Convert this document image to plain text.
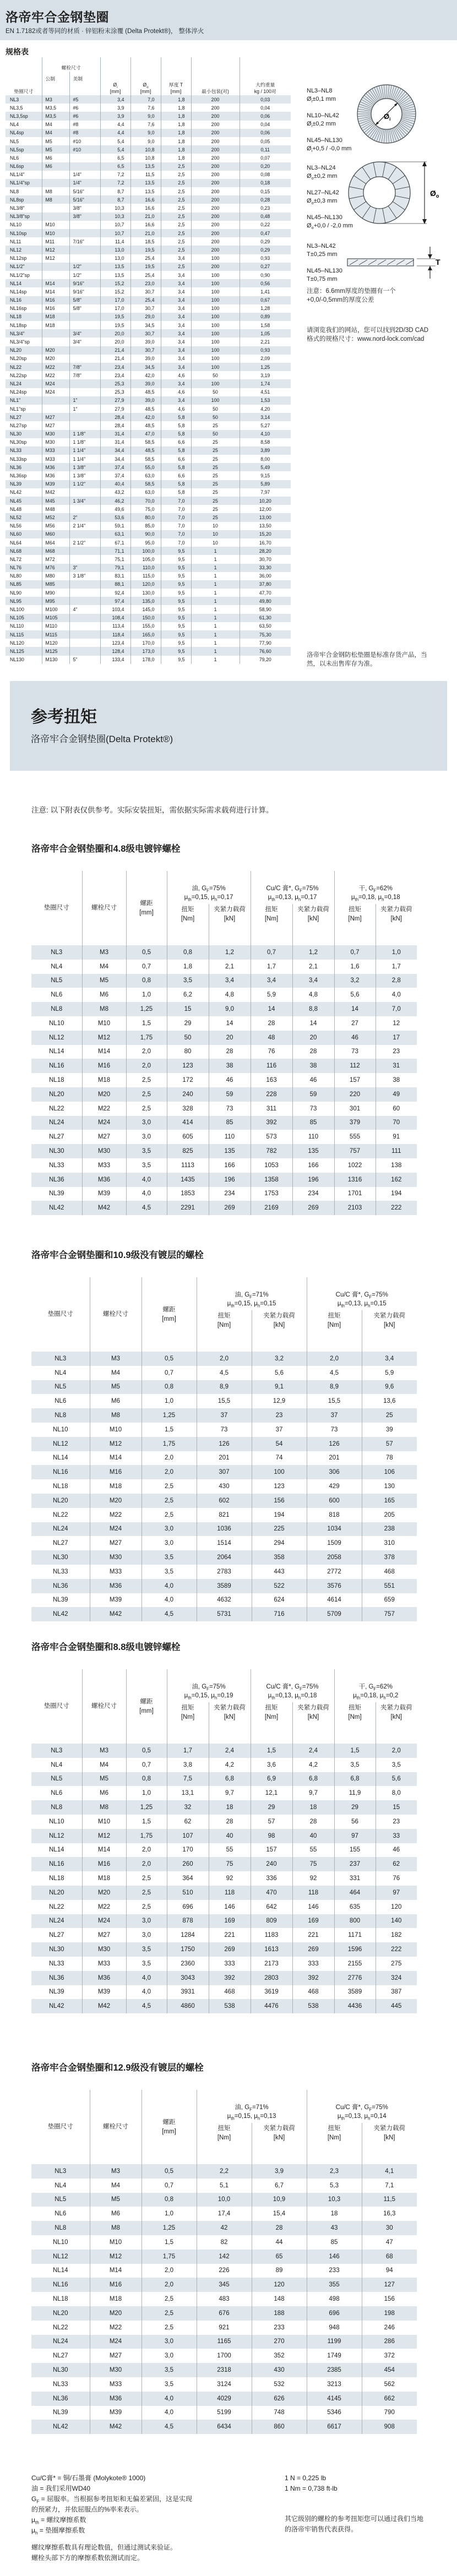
洛帝牢合金钢垫圈
EN 1.7182或者等同的材质 · 锌铝粉末涂覆 (Delta Protekt®)， 整体淬火
规格表
垫圈尺寸	螺栓尺寸		$Ø_i$
[mm]	$Ø_o$
[mm]	厚度 T
[mm]	最小包装(对)	大约重量
kg / 100对
	公制	美制					
NL3	M3	#5	3,4	7,0	1,8	200	0,03
NL3,5	M3,5	#6	3,9	7,6	1,8	200	0,04
NL3,5sp	M3,5	#6	3,9	9,0	1,8	200	0,06
NL4	M4	#8	4,4	7,6	1,8	200	0,04
NL4sp	M4	#8	4,4	9,0	1,8	200	0,06
NL5	M5	#10	5,4	9,0	1,8	200	0,05
NL5sp	M5	#10	5,4	10,8	1,8	200	0,11
NL6	M6		6,5	10,8	1,8	200	0,07
NL6sp	M6		6,5	13,5	2,5	200	0,20
NL1/4"		1/4"	7,2	11,5	2,5	200	0,08
NL1/4"sp		1/4"	7,2	13,5	2,5	200	0,18
NL8	M8	5/16"	8,7	13,5	2,5	200	0,15
NL8sp	M8	5/16"	8,7	16,6	2,5	200	0,28
NL3/8"		3/8"	10,3	16,6	2,5	200	0,23
NL3/8"sp		3/8"	10,3	21,0	2,5	200	0,48
NL10	M10		10,7	16,6	2,5	200	0,22
NL10sp	M10		10,7	21,0	2,5	200	0,47
NL11	M11	7/16"	11,4	18,5	2,5	200	0,29
NL12	M12		13,0	19,5	2,5	200	0,29
NL12sp	M12		13,0	25,4	3,4	100	0,93
NL1/2"		1/2"	13,5	19,5	2,5	200	0,27
NL1/2"sp		1/2"	13,5	25,4	3,4	100	0,90
NL14	M14	9/16"	15,2	23,0	3,4	100	0,56
NL14sp	M14	9/16"	15,2	30,7	3,4	100	1,41
NL16	M16	5/8"	17,0	25,4	3,4	100	0,67
NL16sp	M16	5/8"	17,0	30,7	3,4	100	1,28
NL18	M18		19,5	29,0	3,4	100	0,89
NL18sp	M18		19,5	34,5	3,4	100	1,58
NL3/4"		3/4"	20,0	30,7	3,4	100	1,05
NL3/4"sp		3/4"	20,0	39,0	3,4	100	2,21
NL20	M20		21,4	30,7	3,4	100	0,93
NL20sp	M20		21,4	39,0	3,4	100	2,09
NL22	M22	7/8"	23,4	34,5	3,4	100	1,25
NL22sp	M22	7/8"	23,4	42,0	4,6	50	3,19
NL24	M24		25,3	39,0	3,4	100	1,74
NL24sp	M24		25,3	48,5	4,6	50	4,51
NL1"		1"	27,9	39,0	3,4	100	1,53
NL1"sp		1"	27,9	48,5	4,6	50	4,20
NL27	M27		28,4	42,0	5,8	50	3,14
NL27sp	M27		28,4	48,5	5,8	25	5,27
NL30	M30	1 1/8"	31,4	47,0	5,8	50	4,10
NL30sp	M30	1 1/8"	31,4	58,5	6,6	25	8,58
NL33	M33	1 1/4"	34,4	48,5	5,8	25	3,89
NL33sp	M33	1 1/4"	34,4	58,5	6,6	25	8,00
NL36	M36	1 3/8"	37,4	55,0	5,8	25	5,49
NL36sp	M36	1 3/8"	37,4	63,0	6,6	25	9,15
NL39	M39	1 1/2"	40,4	58,5	5,8	25	5,89
NL42	M42		43,2	63,0	5,8	25	7,97
NL45	M45	1 3/4"	46,2	70,0	7,0	25	10,20
NL48	M48		49,6	75,0	7,0	25	12,00
NL52	M52	2"	53,6	80,0	7,0	25	13,00
NL56	M56	2 1/4"	59,1	85,0	7,0	10	13,50
NL60	M60		63,1	90,0	7,0	10	15,20
NL64	M64	2 1/2"	67,1	95,0	7,0	10	16,70
NL68	M68		71,1	100,0	9,5	1	28,20
NL72	M72		75,1	105,0	9,5	1	30,70
NL76	M76	3"	79,1	110,0	9,5	1	33,30
NL80	M80	3 1/8"	83,1	115,0	9,5	1	36,00
NL85	M85		88,1	120,0	9,5	1	37,80
NL90	M90		92,4	130,0	9,5	1	47,70
NL95	M95		97,4	135,0	9,5	1	49,80
NL100	M100	4"	103,4	145,0	9,5	1	58,90
NL105	M105		108,4	150,0	9,5	1	61,30
NL110	M110		113,4	155,0	9,5	1	63,50
NL115	M115		118,4	165,0	9,5	1	75,30
NL120	M120		123,4	170,0	9,5	1	77,90
NL125	M125		128,4	173,0	9,5	1	76,60
NL130	M130	5"	133,4	178,0	9,5	1	79,20
NL3–NL8
$Ø_i\pm 0,1$ mm

NL10–NL42
$Ø_i\pm 0,2$ mm

NL45–NL130
$Ø_i+0,5 / -0,0$ mm
$Ø_i$
NL3–NL24
$Ø_o\pm 0,2$ mm

NL27–NL42
$Ø_o\pm 0,3$ mm

NL45–NL130
$Ø_o+0,0 / -2,0$ mm
$Ø_o$
NL3–NL42
T±0,25 mm

NL45–NL130
T±0,75 mm
T
注意：6.6mm厚度的垫圈有一个
+0,0/-0,5mm的厚度公差
请浏览我们的网站，您可以找到2D/3D CAD
格式的规格尺寸：www.nord-lock.com/cad
洛帝牢合金钢防松垫圈是标准存货产品，当
然，以未出售库存为准。
参考扭矩
洛帝牢合金钢垫圈(Delta Protekt®)
注意: 以下附表仅供参考。实际安装扭矩，需依据实际需求载荷进行计算。
洛帝牢合金钢垫圈和4.8级电镀锌螺栓
垫圈尺寸	螺栓尺寸	螺距
[mm]	油, $G_F=75\%$
$\mu_{th}=0,15$, $\mu_h=0,17$		Cu/C 膏*, $G_F=75\%$
$\mu_{th}=0,13$, $\mu_h=0,17$		干, $G_F=62\%$
$\mu_{th}=0,18$, $\mu_h=0,18$	
			扭矩
[Nm]	夹紧力载荷
[kN]	扭矩
[Nm]	夹紧力载荷
[kN]	扭矩
[Nm]	夹紧力载荷
[kN]
NL3	M3	0,5	0,8	1,2	0,7	1,2	0,7	1,0
NL4	M4	0,7	1,8	2,1	1,7	2,1	1,6	1,7
NL5	M5	0,8	3,5	3,4	3,4	3,4	3,2	2,8
NL6	M6	1,0	6,2	4,8	5,9	4,8	5,6	4,0
NL8	M8	1,25	15	9,0	14	8,8	14	7,0
NL10	M10	1,5	29	14	28	14	27	12
NL12	M12	1,75	50	20	48	20	46	17
NL14	M14	2,0	80	28	76	28	73	23
NL16	M16	2,0	123	38	116	38	112	31
NL18	M18	2,5	172	46	163	46	157	38
NL20	M20	2,5	240	59	228	59	220	49
NL22	M22	2,5	328	73	311	73	301	60
NL24	M24	3,0	414	85	392	85	379	70
NL27	M27	3,0	605	110	573	110	555	91
NL30	M30	3,5	825	135	782	135	757	111
NL33	M33	3,5	1113	166	1053	166	1022	138
NL36	M36	4,0	1435	196	1358	196	1316	162
NL39	M39	4,0	1853	234	1753	234	1701	194
NL42	M42	4,5	2291	269	2169	269	2103	222
洛帝牢合金钢垫圈和10.9级没有镀层的螺栓
垫圈尺寸	螺栓尺寸	螺距
[mm]	油, $G_F=71\%$
$\mu_{th}=0,15$, $\mu_h=0,15$		Cu/C 膏*, $G_F=75\%$
$\mu_{th}=0,13$, $\mu_h=0,15$	
			扭矩
[Nm]	夹紧力载荷
[kN]	扭矩
[Nm]	夹紧力载荷
[kN]
NL3	M3	0,5	2,0	3,2	2,0	3,4
NL4	M4	0,7	4,5	5,6	4,5	5,9
NL5	M5	0,8	8,9	9,1	8,9	9,6
NL6	M6	1,0	15,5	12,9	15,5	13,6
NL8	M8	1,25	37	23	37	25
NL10	M10	1,5	73	37	73	39
NL12	M12	1,75	126	54	126	57
NL14	M14	2,0	201	74	201	78
NL16	M16	2,0	307	100	306	106
NL18	M18	2,5	430	123	429	130
NL20	M20	2,5	602	156	600	165
NL22	M22	2,5	821	194	818	205
NL24	M24	3,0	1036	225	1034	238
NL27	M27	3,0	1514	294	1509	310
NL30	M30	3,5	2064	358	2058	378
NL33	M33	3,5	2783	443	2772	468
NL36	M36	4,0	3589	522	3576	551
NL39	M39	4,0	4632	624	4614	659
NL42	M42	4,5	5731	716	5709	757
洛帝牢合金钢垫圈和8.8级电镀锌螺栓
垫圈尺寸	螺栓尺寸	螺距
[mm]	油, $G_F=75\%$
$\mu_{th}=0,15$, $\mu_h=0,19$		Cu/C 膏*, $G_F=75\%$
$\mu_{th}=0,13$, $\mu_h=0,18$		干, $G_F=62\%$
$\mu_{th}=0,18$, $\mu_h=0,2$	
			扭矩
[Nm]	夹紧力载荷
[kN]	扭矩
[Nm]	夹紧力载荷
[kN]	扭矩
[Nm]	夹紧力载荷
[kN]
NL3	M3	0,5	1,7	2,4	1,5	2,4	1,5	2,0
NL4	M4	0,7	3,8	4,2	3,6	4,2	3,5	3,5
NL5	M5	0,8	7,5	6,8	6,9	6,8	6,8	5,6
NL6	M6	1,0	13,1	9,7	12,1	9,7	11,9	8,0
NL8	M8	1,25	32	18	29	18	29	15
NL10	M10	1,5	62	28	57	28	56	23
NL12	M12	1,75	107	40	98	40	97	33
NL14	M14	2,0	170	55	157	55	155	46
NL16	M16	2,0	260	75	240	75	237	62
NL18	M18	2,5	364	92	336	92	331	76
NL20	M20	2,5	510	118	470	118	464	97
NL22	M22	2,5	696	146	642	146	635	120
NL24	M24	3,0	878	169	809	169	800	140
NL27	M27	3,0	1284	221	1183	221	1171	182
NL30	M30	3,5	1750	269	1613	269	1596	222
NL33	M33	3,5	2360	333	2173	333	2155	275
NL36	M36	4,0	3043	392	2803	392	2776	324
NL39	M39	4,0	3931	468	3619	468	3589	387
NL42	M42	4,5	4860	538	4476	538	4436	445
洛帝牢合金钢垫圈和12.9级没有镀层的螺栓
垫圈尺寸	螺栓尺寸	螺距
[mm]	油, $G_F=71\%$
$\mu_{th}=0,15$, $\mu_h=0,13$		Cu/C 膏*, $G_F=75\%$
$\mu_{th}=0,13$, $\mu_h=0,14$	
			扭矩
[Nm]	夹紧力载荷
[kN]	扭矩
[Nm]	夹紧力载荷
[kN]
NL3	M3	0,5	2,2	3,9	2,3	4,1
NL4	M4	0,7	5,1	6,7	5,3	7,1
NL5	M5	0,8	10,0	10,9	10,3	11,5
NL6	M6	1,0	17,4	15,4	18	16,3
NL8	M8	1,25	42	28	43	30
NL10	M10	1,5	82	44	85	47
NL12	M12	1,75	142	65	146	68
NL14	M14	2,0	226	89	233	94
NL16	M16	2,0	345	120	355	127
NL18	M18	2,5	483	148	498	156
NL20	M20	2,5	676	188	696	198
NL22	M22	2,5	921	233	948	246
NL24	M24	3,0	1165	270	1199	286
NL27	M27	3,0	1700	352	1749	372
NL30	M30	3,5	2318	430	2385	454
NL33	M33	3,5	3124	532	3213	562
NL36	M36	4,0	4029	626	4145	662
NL39	M39	4,0	5199	748	5346	790
NL42	M42	4,5	6434	860	6617	908
Cu/C膏* = 铜/石墨膏 (Molykote® 1000)
油 = 我们采用WD40
$G_F$ = 屈服率。当根据参考扭矩和无偏差紧固，这是实现
的预紧力，并依屈服点的%率来表示。
$\mu_{th}$ = 螺纹摩擦系数
$\mu_h$ = 垫圈摩擦系数
螺纹摩擦系数具有理论数值，但通过测试来验证。
螺栓头部下方的摩擦系数依测试而定。
1 N = 0,225 lb
1 Nm = 0,738 ft-lb
其它级别的螺栓的参考扭矩您可以通过我们当地
的洛帝牢销售代表获得。
